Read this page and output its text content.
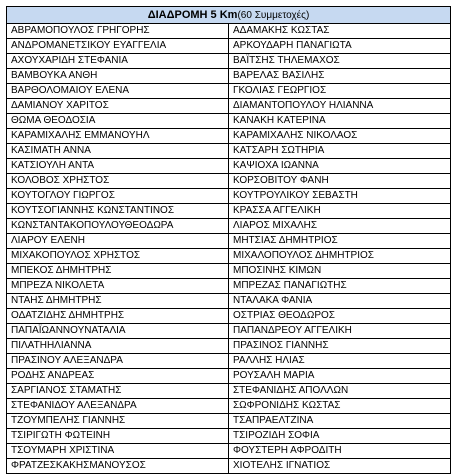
ΔΙΑΔΡΟΜΗ 5 Km(60 Συμμετοχές)	
ΑΒΡΑΜΟΠΟΥΛΟΣ ΓΡΗΓΟΡΗΣ	ΑΔΑΜΑΚΗΣ ΚΩΣΤΑΣ
ΑΝΔΡΟΜΑΝΕΤΣΙΚΟΥ ΕΥΑΓΓΕΛΙΑ	ΑΡΚΟΥΔΑΡΗ ΠΑΝΑΓΙΩΤΑ
ΑΧΟΥΧΑΡΙΔΗ ΣΤΕΦΑΝΙΑ	ΒΑΪΤΣΗΣ ΤΗΛΕΜΑΧΟΣ
ΒΑΜΒΟΥΚΑ ΑΝΘΗ	ΒΑΡΕΛΑΣ ΒΑΣΙΛΗΣ
ΒΑΡΘΟΛΟΜΑΙΟΥ ΕΛΕΝΑ	ΓΚΟΛΙΑΣ ΓΕΩΡΓΙΟΣ
ΔΑΜΙΑΝΟΥ ΧΑΡΙΤΟΣ	ΔΙΑΜΑΝΤΟΠΟΥΛΟΥ ΗΛΙΑΝΝΑ
ΘΩΜΑ ΘΕΟΔΟΣΙΑ	ΚΑΝΑΚΗ ΚΑΤΕΡΙΝΑ
ΚΑΡΑΜΙΧΑΛΗΣ ΕΜΜΑΝΟΥΗΛ	ΚΑΡΑΜΙΧΑΛΗΣ ΝΙΚΟΛΑΟΣ
ΚΑΣΙΜΑΤΗ ΑΝΝΑ	ΚΑΤΣΑΡΗ ΣΩΤΗΡΙΑ
ΚΑΤΣΙΟΥΛΗ ΑΝΤΑ	ΚΑΨΙΟΧΑ ΙΩΑΝΝΑ
ΚΟΛΟΒΟΣ ΧΡΗΣΤΟΣ	ΚΟΡΣΟΒΙΤΟΥ ΦΑΝΗ
ΚΟΥΤΟΓΛΟΥ ΓΙΩΡΓΟΣ	ΚΟΥΤΡΟΥΛΙΚΟΥ ΣΕΒΑΣΤΗ
ΚΟΥΤΣΟΓΙΑΝΝΗΣ ΚΩΝΣΤΑΝΤΙΝΟΣ	ΚΡΑΣΣΑ ΑΓΓΕΛΙΚΗ
ΚΩΝΣΤΑΝΤΑΚΟΠΟΥΛΟΥΘΕΟΔΩΡΑ	ΛΙΑΡΟΣ ΜΙΧΑΛΗΣ
ΛΙΑΡΟΥ ΕΛΕΝΗ	ΜΗΤΣΙΑΣ ΔΗΜΗΤΡΙΟΣ
ΜΙΧΑΚΟΠΟΥΛΟΣ ΧΡΗΣΤΟΣ	ΜΙΧΑΛΟΠΟΥΛΟΣ ΔΗΜΗΤΡΙΟΣ
ΜΠΕΚΟΣ ΔΗΜΗΤΡΗΣ	ΜΠΟΣΙΝΗΣ ΚΙΜΩΝ
ΜΠΡΕΖΑ ΝΙΚΟΛΕΤΑ	ΜΠΡΕΖΑΣ ΠΑΝΑΓΙΩΤΗΣ
ΝΤΑΗΣ ΔΗΜΗΤΡΗΣ	ΝΤΑΛΑΚΑ ΦΑΝΙΑ
ΟΔΑΤΖΙΔΗΣ ΔΗΜΗΤΡΗΣ	ΟΣΤΡΙΑΣ ΘΕΟΔΩΡΟΣ
ΠΑΠΑΪΩΑΝΝΟΥΝΑΤΑΛΙΑ	ΠΑΠΑΝΔΡΕΟΥ ΑΓΓΕΛΙΚΗ
ΠΙΛΑΤΗΗΛΙΑΝΝΑ	ΠΡΑΣΙΝΟΣ ΓΙΑΝΝΗΣ
ΠΡΑΣΙΝΟΥ ΑΛΕΞΑΝΔΡΑ	ΡΑΛΛΗΣ ΗΛΙΑΣ
ΡΟΔΗΣ ΑΝΔΡΕΑΣ	ΡΟΥΣΑΛΗ ΜΑΡΙΑ
ΣΑΡΓΙΑΝΟΣ ΣΤΑΜΑΤΗΣ	ΣΤΕΦΑΝΙΔΗΣ ΑΠΟΛΛΩΝ
ΣΤΕΦΑΝΙΔΟΥ ΑΛΕΞΑΝΔΡΑ	ΣΩΦΡΟΝΙΔΗΣ ΚΩΣΤΑΣ
ΤΖΟΥΜΠΕΛΗΣ ΓΙΑΝΝΗΣ	ΤΣΑΠΡΑΕΛΤΖΙΝΑ
ΤΣΙΡΙΓΩΤΗ ΦΩΤΕΙΝΗ	ΤΣΙΡΟΖΙΔΗ ΣΟΦΙΑ
ΤΣΟΥΜΑΡΗ ΧΡΙΣΤΙΝΑ	ΦΟΥΣΤΕΡΗ ΑΦΡΟΔΙΤΗ
ΦΡΑΤΖΕΣΚΑΚΗΣΜΑΝΟΥΣΟΣ	ΧΙΟΤΕΛΗΣ ΙΓΝΑΤΙΟΣ
